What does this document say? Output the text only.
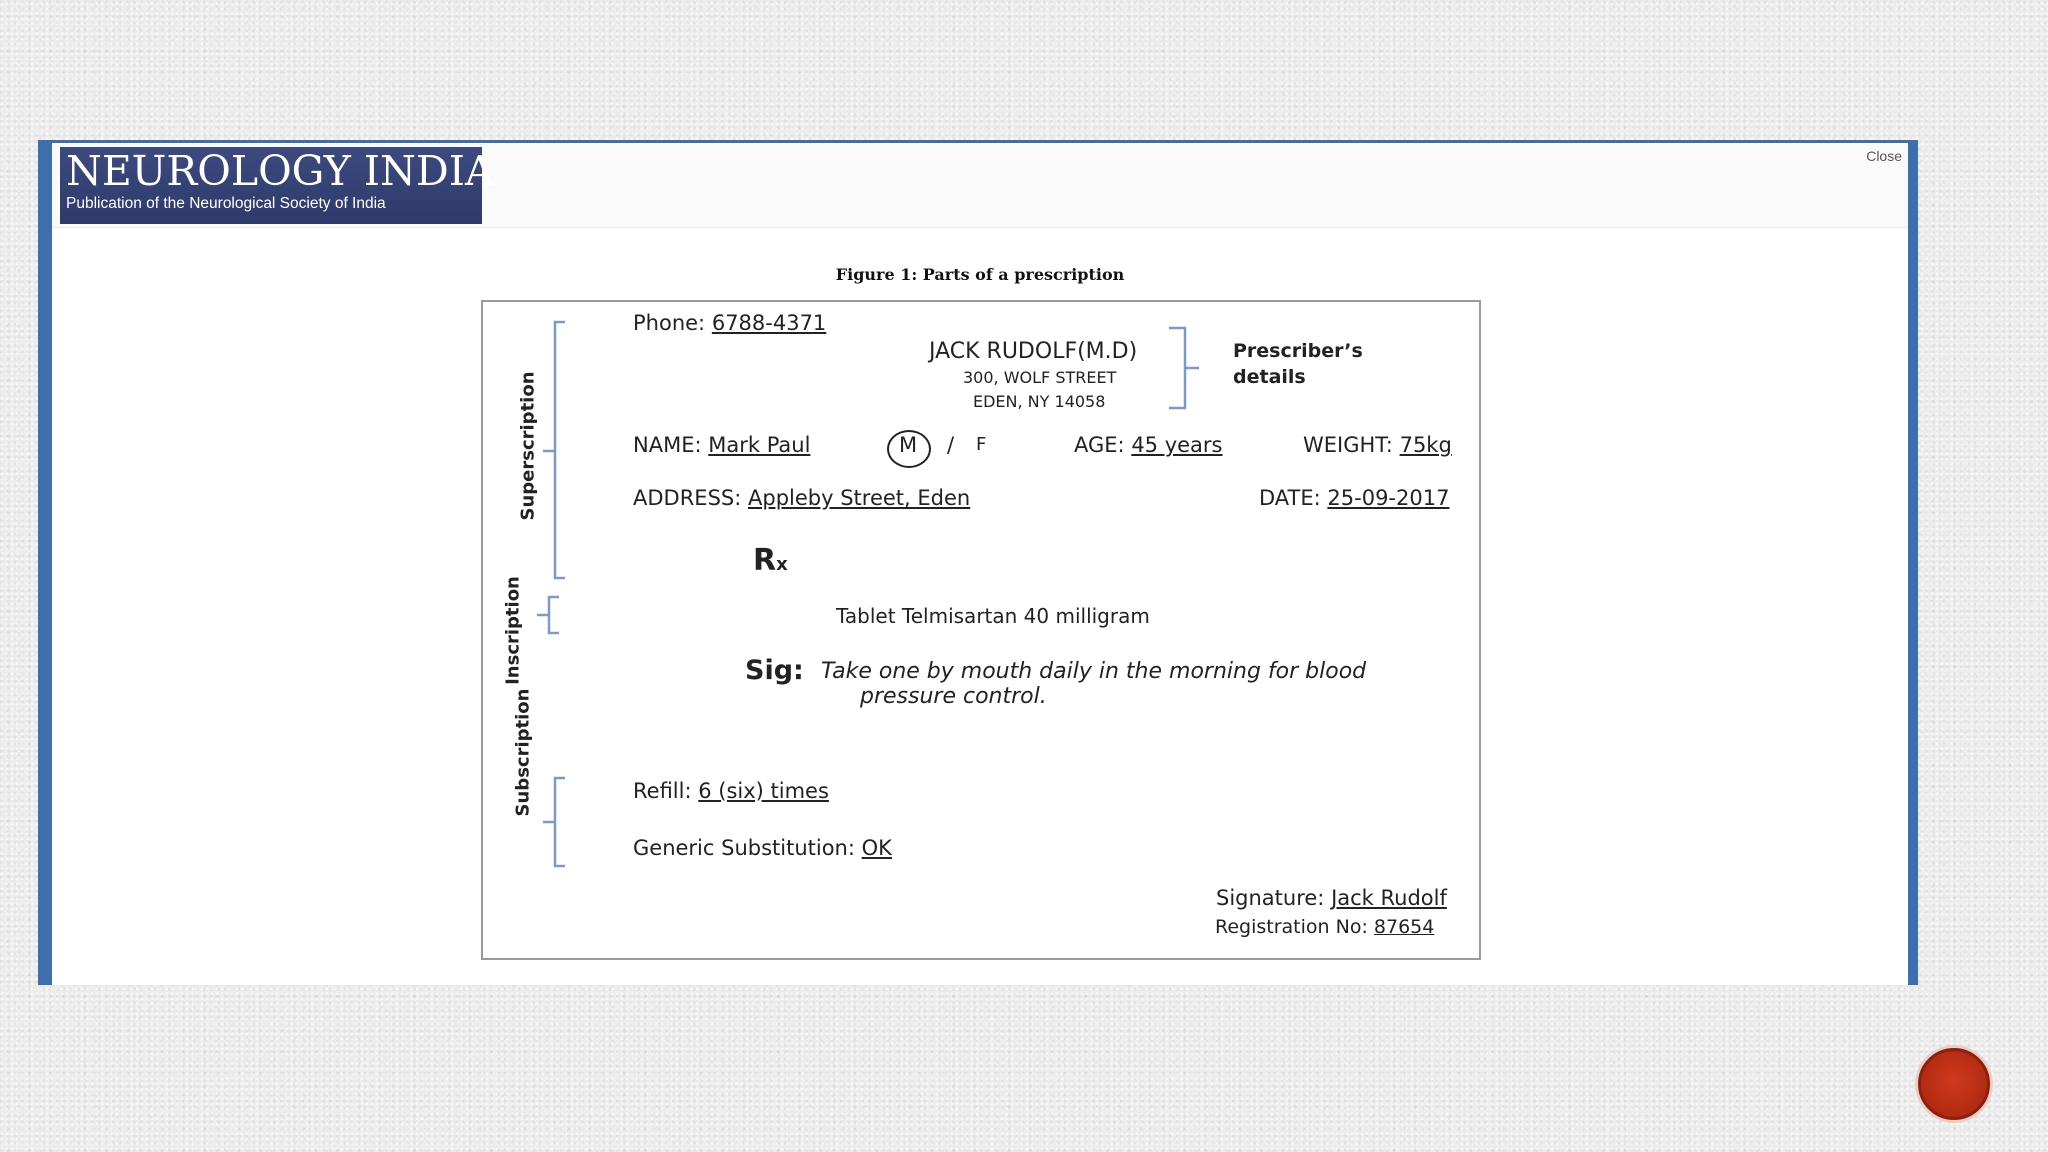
NEUROLOGY INDIA
Publication of the Neurological Society of India
Close
Figure 1: Parts of a prescription
Superscription
Inscription
Subscription
Phone: 6788-4371
JACK RUDOLF(M.D)
300, WOLF STREET
EDEN, NY 14058
Prescriber’s
details
NAME: Mark Paul	M / F	AGE: 45 years	WEIGHT: 75kg
ADDRESS: Appleby Street, Eden	DATE: 25-09-2017
Rx
Tablet Telmisartan 40 milligram
Sig: Take one by mouth daily in the morning for blood
pressure control.
Refill: 6 (six) times
Generic Substitution: OK
Signature: Jack Rudolf
Registration No: 87654
